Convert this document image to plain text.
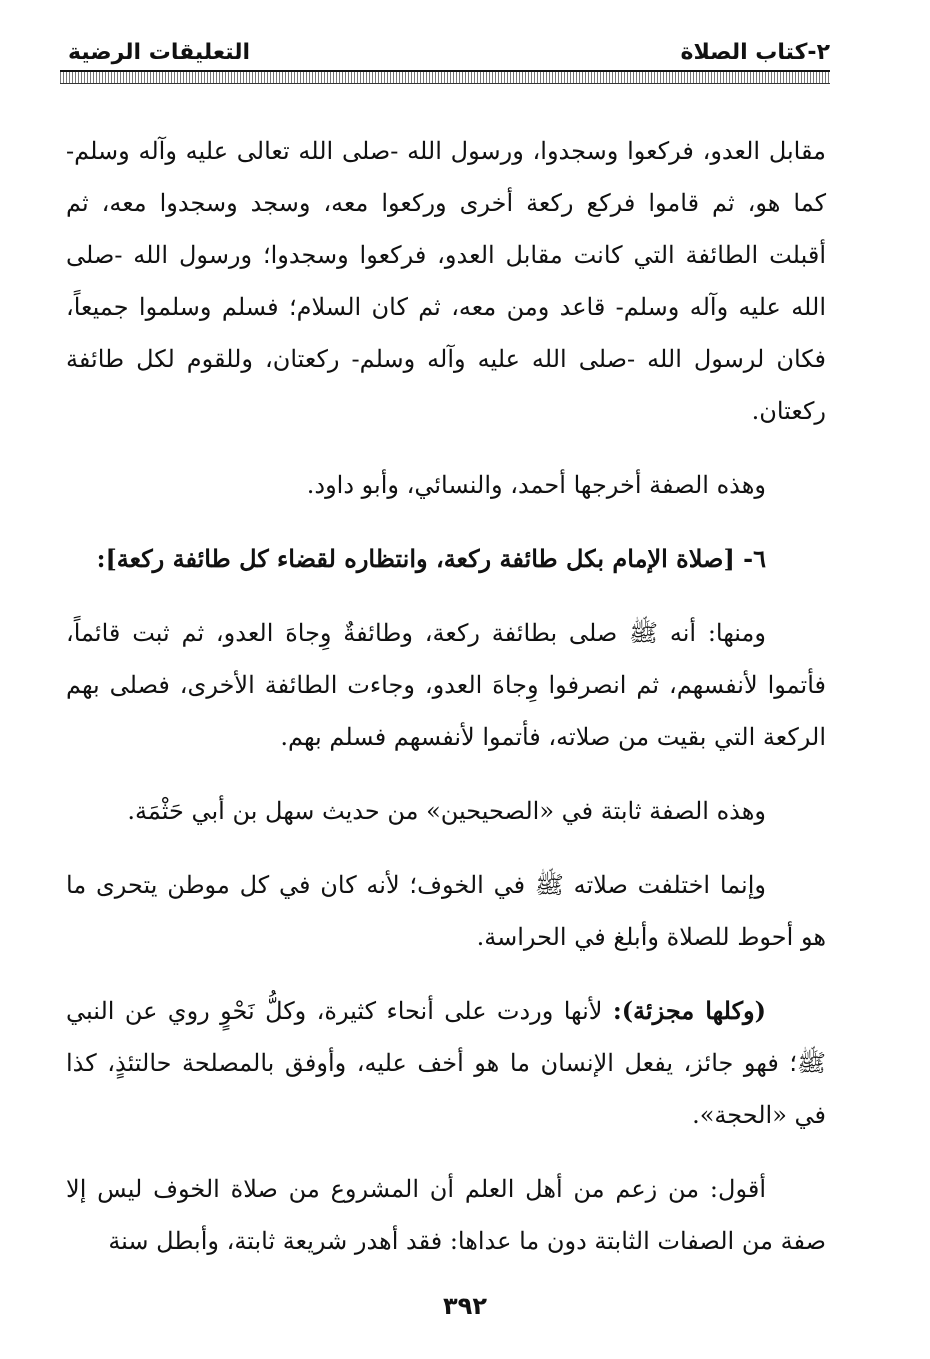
٢-كتاب الصلاة
التعليقات الرضية

مقابل العدو، فركعوا وسجدوا، ورسول الله -صلى الله تعالى عليه وآله وسلم- كما هو، ثم قاموا فركع ركعة أخرى وركعوا معه، وسجد وسجدوا معه، ثم أقبلت الطائفة التي كانت مقابل العدو، فركعوا وسجدوا؛ ورسول الله -صلى الله عليه وآله وسلم- قاعد ومن معه، ثم كان السلام؛ فسلم وسلموا جميعاً، فكان لرسول الله -صلى الله عليه وآله وسلم- ركعتان، وللقوم لكل طائفة ركعتان.

وهذه الصفة أخرجها أحمد، والنسائي، وأبو داود.

٦- [صلاة الإمام بكل طائفة ركعة، وانتظاره لقضاء كل طائفة ركعة]:

ومنها: أنه ﷺ صلى بطائفة ركعة، وطائفةٌ وِجاهَ العدو، ثم ثبت قائماً، فأتموا لأنفسهم، ثم انصرفوا وِجاهَ العدو، وجاءت الطائفة الأخرى، فصلى بهم الركعة التي بقيت من صلاته، فأتموا لأنفسهم فسلم بهم.

وهذه الصفة ثابتة في «الصحيحين» من حديث سهل بن أبي حَثْمَة.

وإنما اختلفت صلاته ﷺ في الخوف؛ لأنه كان في كل موطن يتحرى ما هو أحوط للصلاة وأبلغ في الحراسة.

(وكلها مجزئة): لأنها وردت على أنحاء كثيرة، وكلُّ نَحْوٍ روي عن النبي ﷺ؛ فهو جائز، يفعل الإنسان ما هو أخف عليه، وأوفق بالمصلحة حالتئذٍ، كذا في «الحجة».

أقول: من زعم من أهل العلم أن المشروع من صلاة الخوف ليس إلا صفة من الصفات الثابتة دون ما عداها: فقد أهدر شريعة ثابتة، وأبطل سنة

٣٩٢
